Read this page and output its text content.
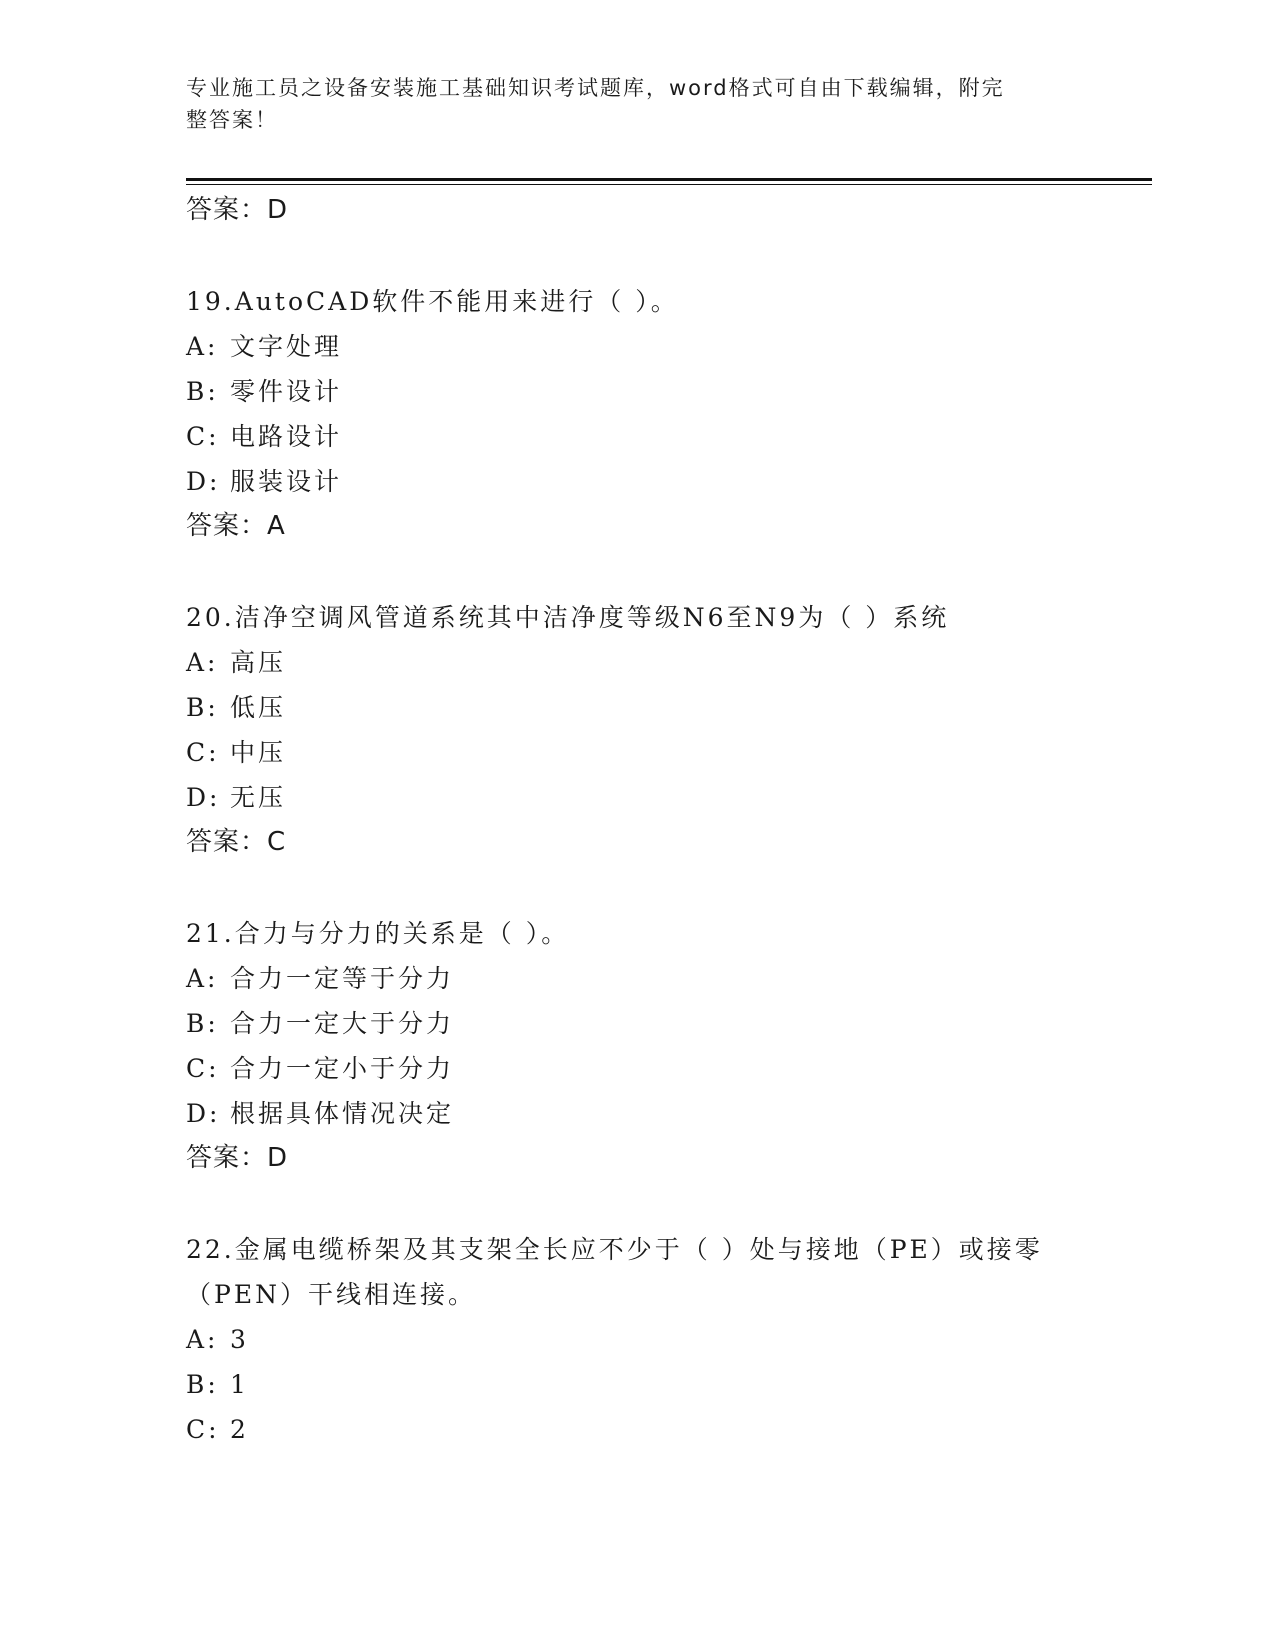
专业施工员之设备安装施工基础知识考试题库，word格式可自由下载编辑，附完
整答案！
答案：D
19.AutoCAD软件不能用来进行（ ）。
A: 文字处理
B: 零件设计
C: 电路设计
D: 服装设计
答案：A
20.洁净空调风管道系统其中洁净度等级N6至N9为（ ）系统
A: 高压
B: 低压
C: 中压
D: 无压
答案：C
21.合力与分力的关系是（ ）。
A: 合力一定等于分力
B: 合力一定大于分力
C: 合力一定小于分力
D: 根据具体情况决定
答案：D
22.金属电缆桥架及其支架全长应不少于（ ）处与接地（PE）或接零（PEN）干线相连接。
A: 3
B: 1
C: 2
